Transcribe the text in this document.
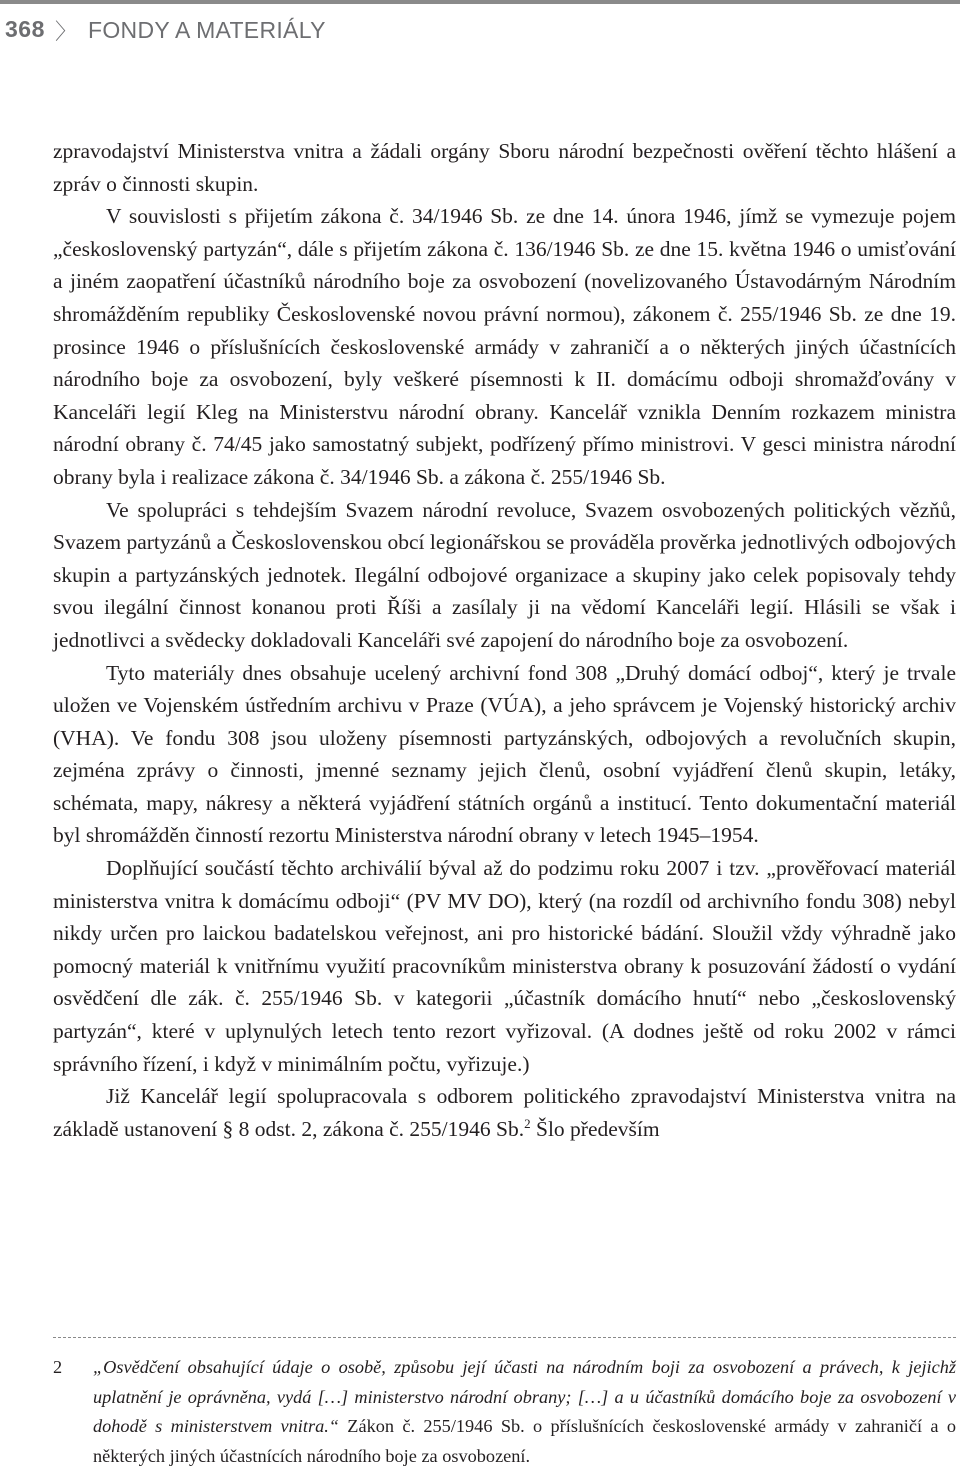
368 〉 FONDY A MATERIÁLY

zpravodajství Ministerstva vnitra a žádali orgány Sboru národní bezpečnosti ověření těchto hlášení a zpráv o činnosti skupin.

V souvislosti s přijetím zákona č. 34/1946 Sb. ze dne 14. února 1946, jímž se vymezuje pojem „československý partyzán“, dále s přijetím zákona č. 136/1946 Sb. ze dne 15. května 1946 o umisťování a jiném zaopatření účastníků národního boje za osvobození (novelizovaného Ústavodárným Národním shromážděním republiky Československé novou právní normou), zákonem č. 255/1946 Sb. ze dne 19. prosince 1946 o příslušnících československé armády v zahraničí a o některých jiných účastnících národního boje za osvobození, byly veškeré písemnosti k II. domácímu odboji shromažďovány v Kanceláři legií Kleg na Ministerstvu národní obrany. Kancelář vznikla Denním rozkazem ministra národní obrany č. 74/45 jako samostatný subjekt, podřízený přímo ministrovi. V gesci ministra národní obrany byla i realizace zákona č. 34/1946 Sb. a zákona č. 255/1946 Sb.

Ve spolupráci s tehdejším Svazem národní revoluce, Svazem osvobozených politických vězňů, Svazem partyzánů a Československou obcí legionářskou se prováděla prověrka jednotlivých odbojových skupin a partyzánských jednotek. Ilegální odbojové organizace a skupiny jako celek popisovaly tehdy svou ilegální činnost konanou proti Říši a zasílaly ji na vědomí Kanceláři legií. Hlásili se však i jednotlivci a svědecky dokladovali Kanceláři své zapojení do národního boje za osvobození.

Tyto materiály dnes obsahuje ucelený archivní fond 308 „Druhý domácí odboj“, který je trvale uložen ve Vojenském ústředním archivu v Praze (VÚA), a jeho správcem je Vojenský historický archiv (VHA). Ve fondu 308 jsou uloženy písemnosti partyzánských, odbojových a revolučních skupin, zejména zprávy o činnosti, jmenné seznamy jejich členů, osobní vyjádření členů skupin, letáky, schémata, mapy, nákresy a některá vyjádření státních orgánů a institucí. Tento dokumentační materiál byl shromážděn činností rezortu Ministerstva národní obrany v letech 1945–1954.

Doplňující součástí těchto archiválií býval až do podzimu roku 2007 i tzv. „prověřovací materiál ministerstva vnitra k domácímu odboji“ (PV MV DO), který (na rozdíl od archivního fondu 308) nebyl nikdy určen pro laickou badatelskou veřejnost, ani pro historické bádání. Sloužil vždy výhradně jako pomocný materiál k vnitřnímu využití pracovníkům ministerstva obrany k posuzování žádostí o vydání osvědčení dle zák. č. 255/1946 Sb. v kategorii „účastník domácího hnutí“ nebo „československý partyzán“, které v uplynulých letech tento rezort vyřizoval. (A dodnes ještě od roku 2002 v rámci správního řízení, i když v minimálním počtu, vyřizuje.)

Již Kancelář legií spolupracovala s odborem politického zpravodajství Ministerstva vnitra na základě ustanovení § 8 odst. 2, zákona č. 255/1946 Sb.$^2$ Šlo především

2 „Osvědčení obsahující údaje o osobě, způsobu její účasti na národním boji za osvobození a právech, k jejichž uplatnění je oprávněna, vydá […] ministerstvo národní obrany; […] a u účastníků domácího boje za osvobození v dohodě s ministerstvem vnitra.“ Zákon č. 255/1946 Sb. o příslušnících československé armády v zahraničí a o některých jiných účastnících národního boje za osvobození.
